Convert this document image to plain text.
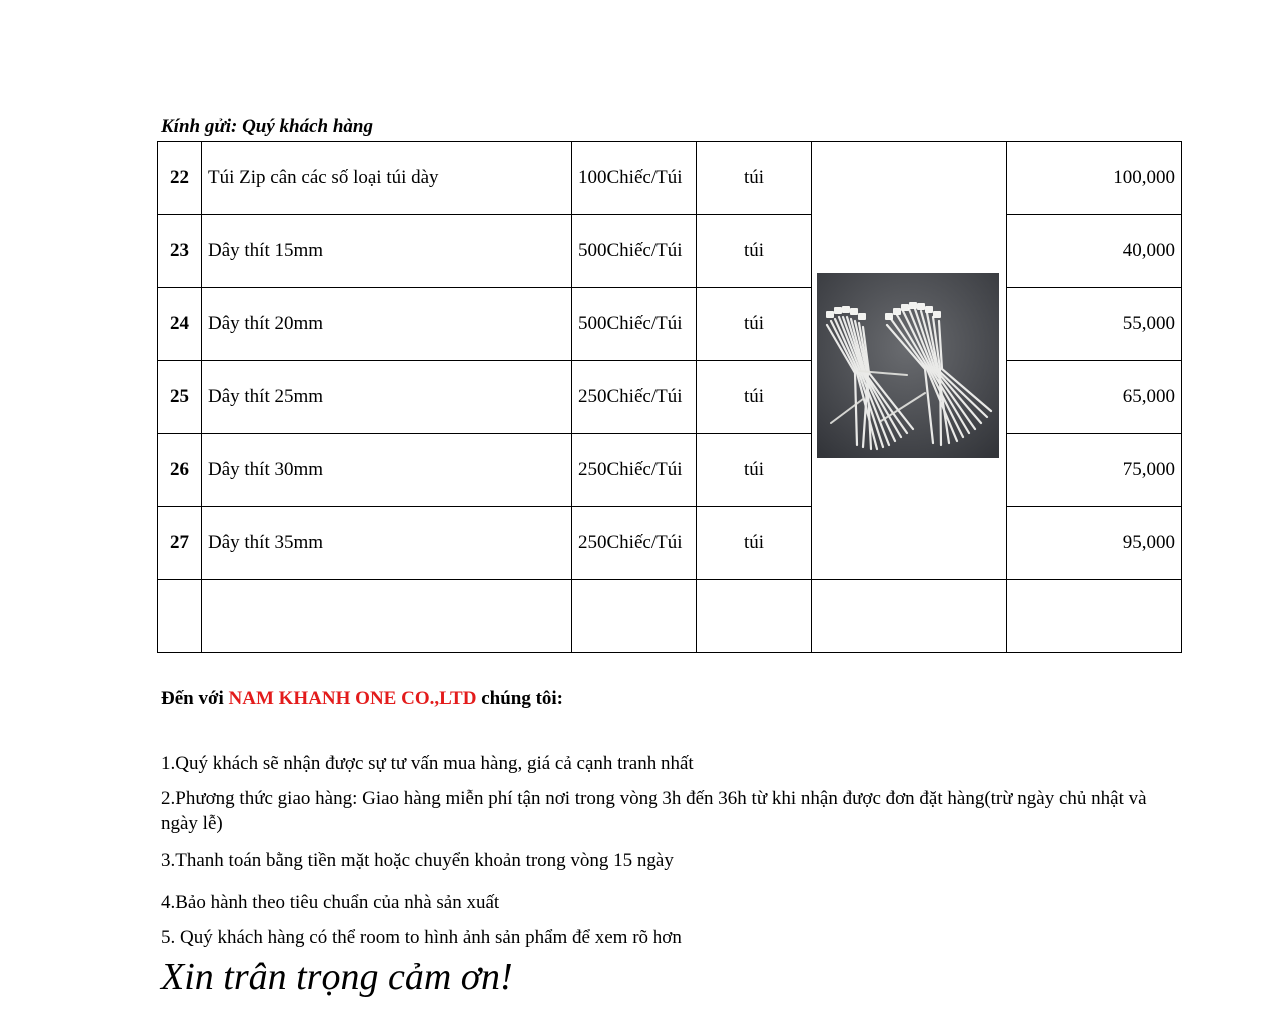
Kính gửi: Quý khách hàng
22	Túi Zip cân các số loại túi dày	100Chiếc/Túi	túi		100,000
23	Dây thít 15mm	500Chiếc/Túi	túi		40,000
24	Dây thít 20mm	500Chiếc/Túi	túi		55,000
25	Dây thít 25mm	250Chiếc/Túi	túi		65,000
26	Dây thít 30mm	250Chiếc/Túi	túi		75,000
27	Dây thít 35mm	250Chiếc/Túi	túi		95,000

Đến với NAM KHANH ONE CO.,LTD chúng tôi:
1.Quý khách sẽ nhận được sự tư vấn mua hàng, giá cả cạnh tranh nhất
2.Phương thức giao hàng: Giao hàng miễn phí tận nơi trong vòng 3h đến 36h từ khi nhận được đơn đặt hàng(trừ ngày chủ nhật và ngày lễ)
3.Thanh toán bằng tiền mặt hoặc chuyển khoản trong vòng 15 ngày
4.Bảo hành theo tiêu chuẩn của nhà sản xuất
5. Quý khách hàng có thể room to hình ảnh sản phẩm để xem rõ hơn
Xin trân trọng cảm ơn!
